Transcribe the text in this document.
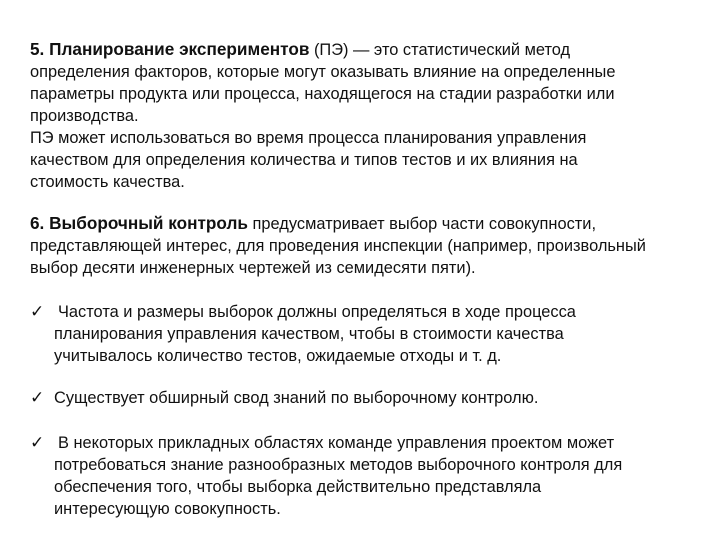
5. Планирование экспериментов (ПЭ) — это статистический метод
определения факторов, которые могут оказывать влияние на определенные
параметры продукта или процесса, находящегося на стадии разработки или
производства.
ПЭ может использоваться во время процесса планирования управления
качеством для определения количества и типов тестов и их влияния на
стоимость качества.
6. Выборочный контроль предусматривает выбор части совокупности,
представляющей интерес, для проведения инспекции (например, произвольный
выбор десяти инженерных чертежей из семидесяти пяти).
✓ Частота и размеры выборок должны определяться в ходе процесса
планирования управления качеством, чтобы в стоимости качества
учитывалось количество тестов, ожидаемые отходы и т. д.
✓ Существует обширный свод знаний по выборочному контролю.
✓ В некоторых прикладных областях команде управления проектом может
потребоваться знание разнообразных методов выборочного контроля для
обеспечения того, чтобы выборка действительно представляла
интересующую совокупность.
